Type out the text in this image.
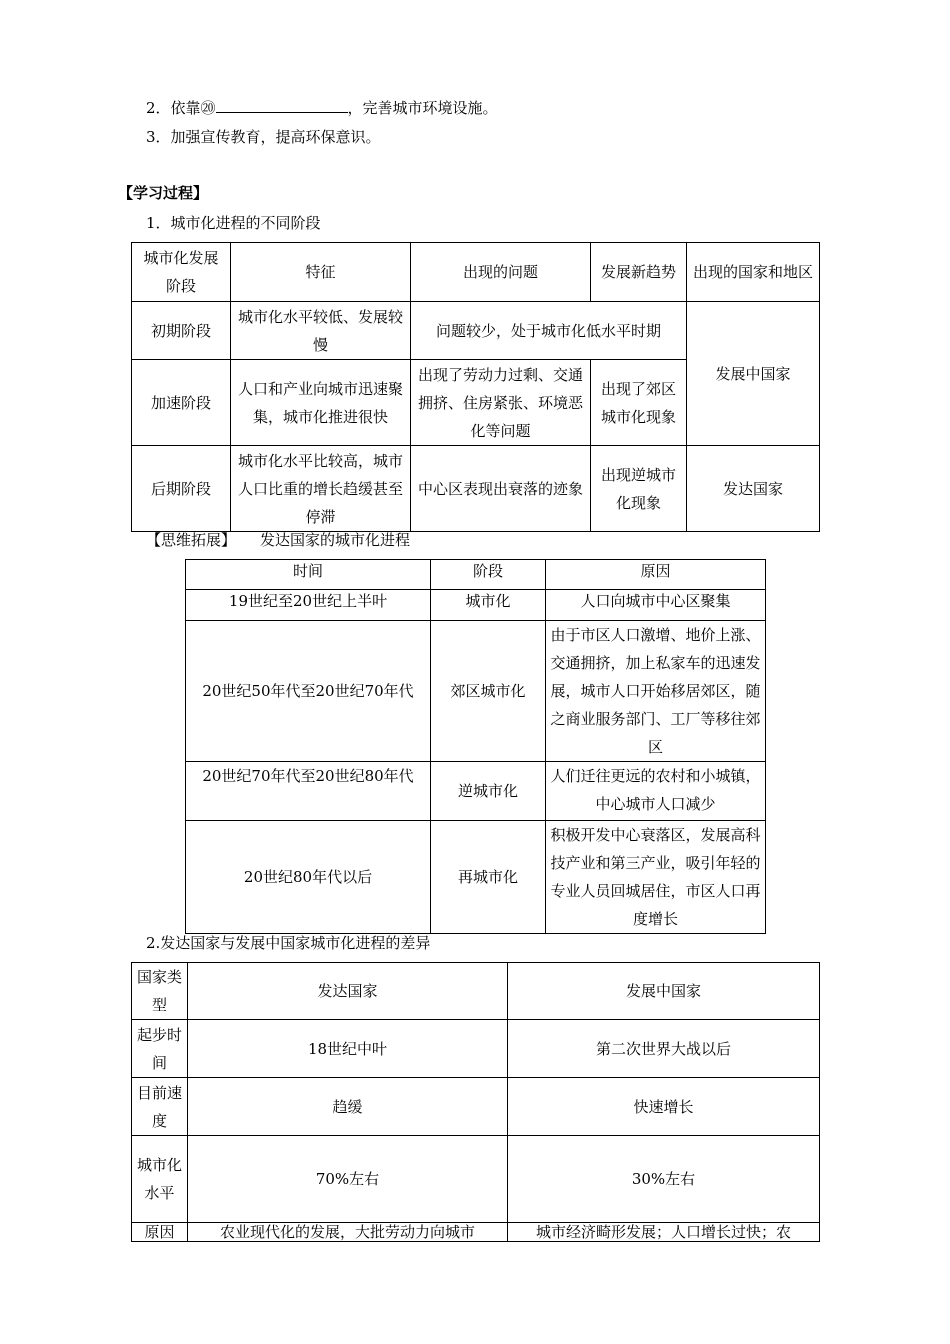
2．依靠⑳	，完善城市环境设施。
3．加强宣传教育，提高环保意识。
【学习过程】
1．城市化进程的不同阶段
城市化发展阶段	特征	出现的问题	发展新趋势	出现的国家和地区
初期阶段	城市化水平较低、发展较慢	问题较少，处于城市化低水平时期		发展中国家
加速阶段	人口和产业向城市迅速聚集，城市化推进很快	出现了劳动力过剩、交通拥挤、住房紧张、环境恶化等问题	出现了郊区城市化现象	
后期阶段	城市化水平比较高，城市人口比重的增长趋缓甚至停滞	中心区表现出衰落的迹象	出现逆城市化现象	发达国家
【思维拓展】 发达国家的城市化进程
时间	阶段	原因
19世纪至20世纪上半叶	城市化	人口向城市中心区聚集
20世纪50年代至20世纪70年代	郊区城市化	由于市区人口激增、地价上涨、交通拥挤，加上私家车的迅速发展，城市人口开始移居郊区，随之商业服务部门、工厂等移往郊区
20世纪70年代至20世纪80年代	逆城市化	人们迁往更远的农村和小城镇，中心城市人口减少
20世纪80年代以后	再城市化	积极开发中心衰落区，发展高科技产业和第三产业，吸引年轻的专业人员回城居住，市区人口再度增长
2.发达国家与发展中国家城市化进程的差异
国家类型	发达国家	发展中国家
起步时间	18世纪中叶	第二次世界大战以后
目前速度	趋缓	快速增长
城市化水平	70%左右	30%左右
原因	农业现代化的发展，大批劳动力向城市	城市经济畸形发展；人口增长过快；农
